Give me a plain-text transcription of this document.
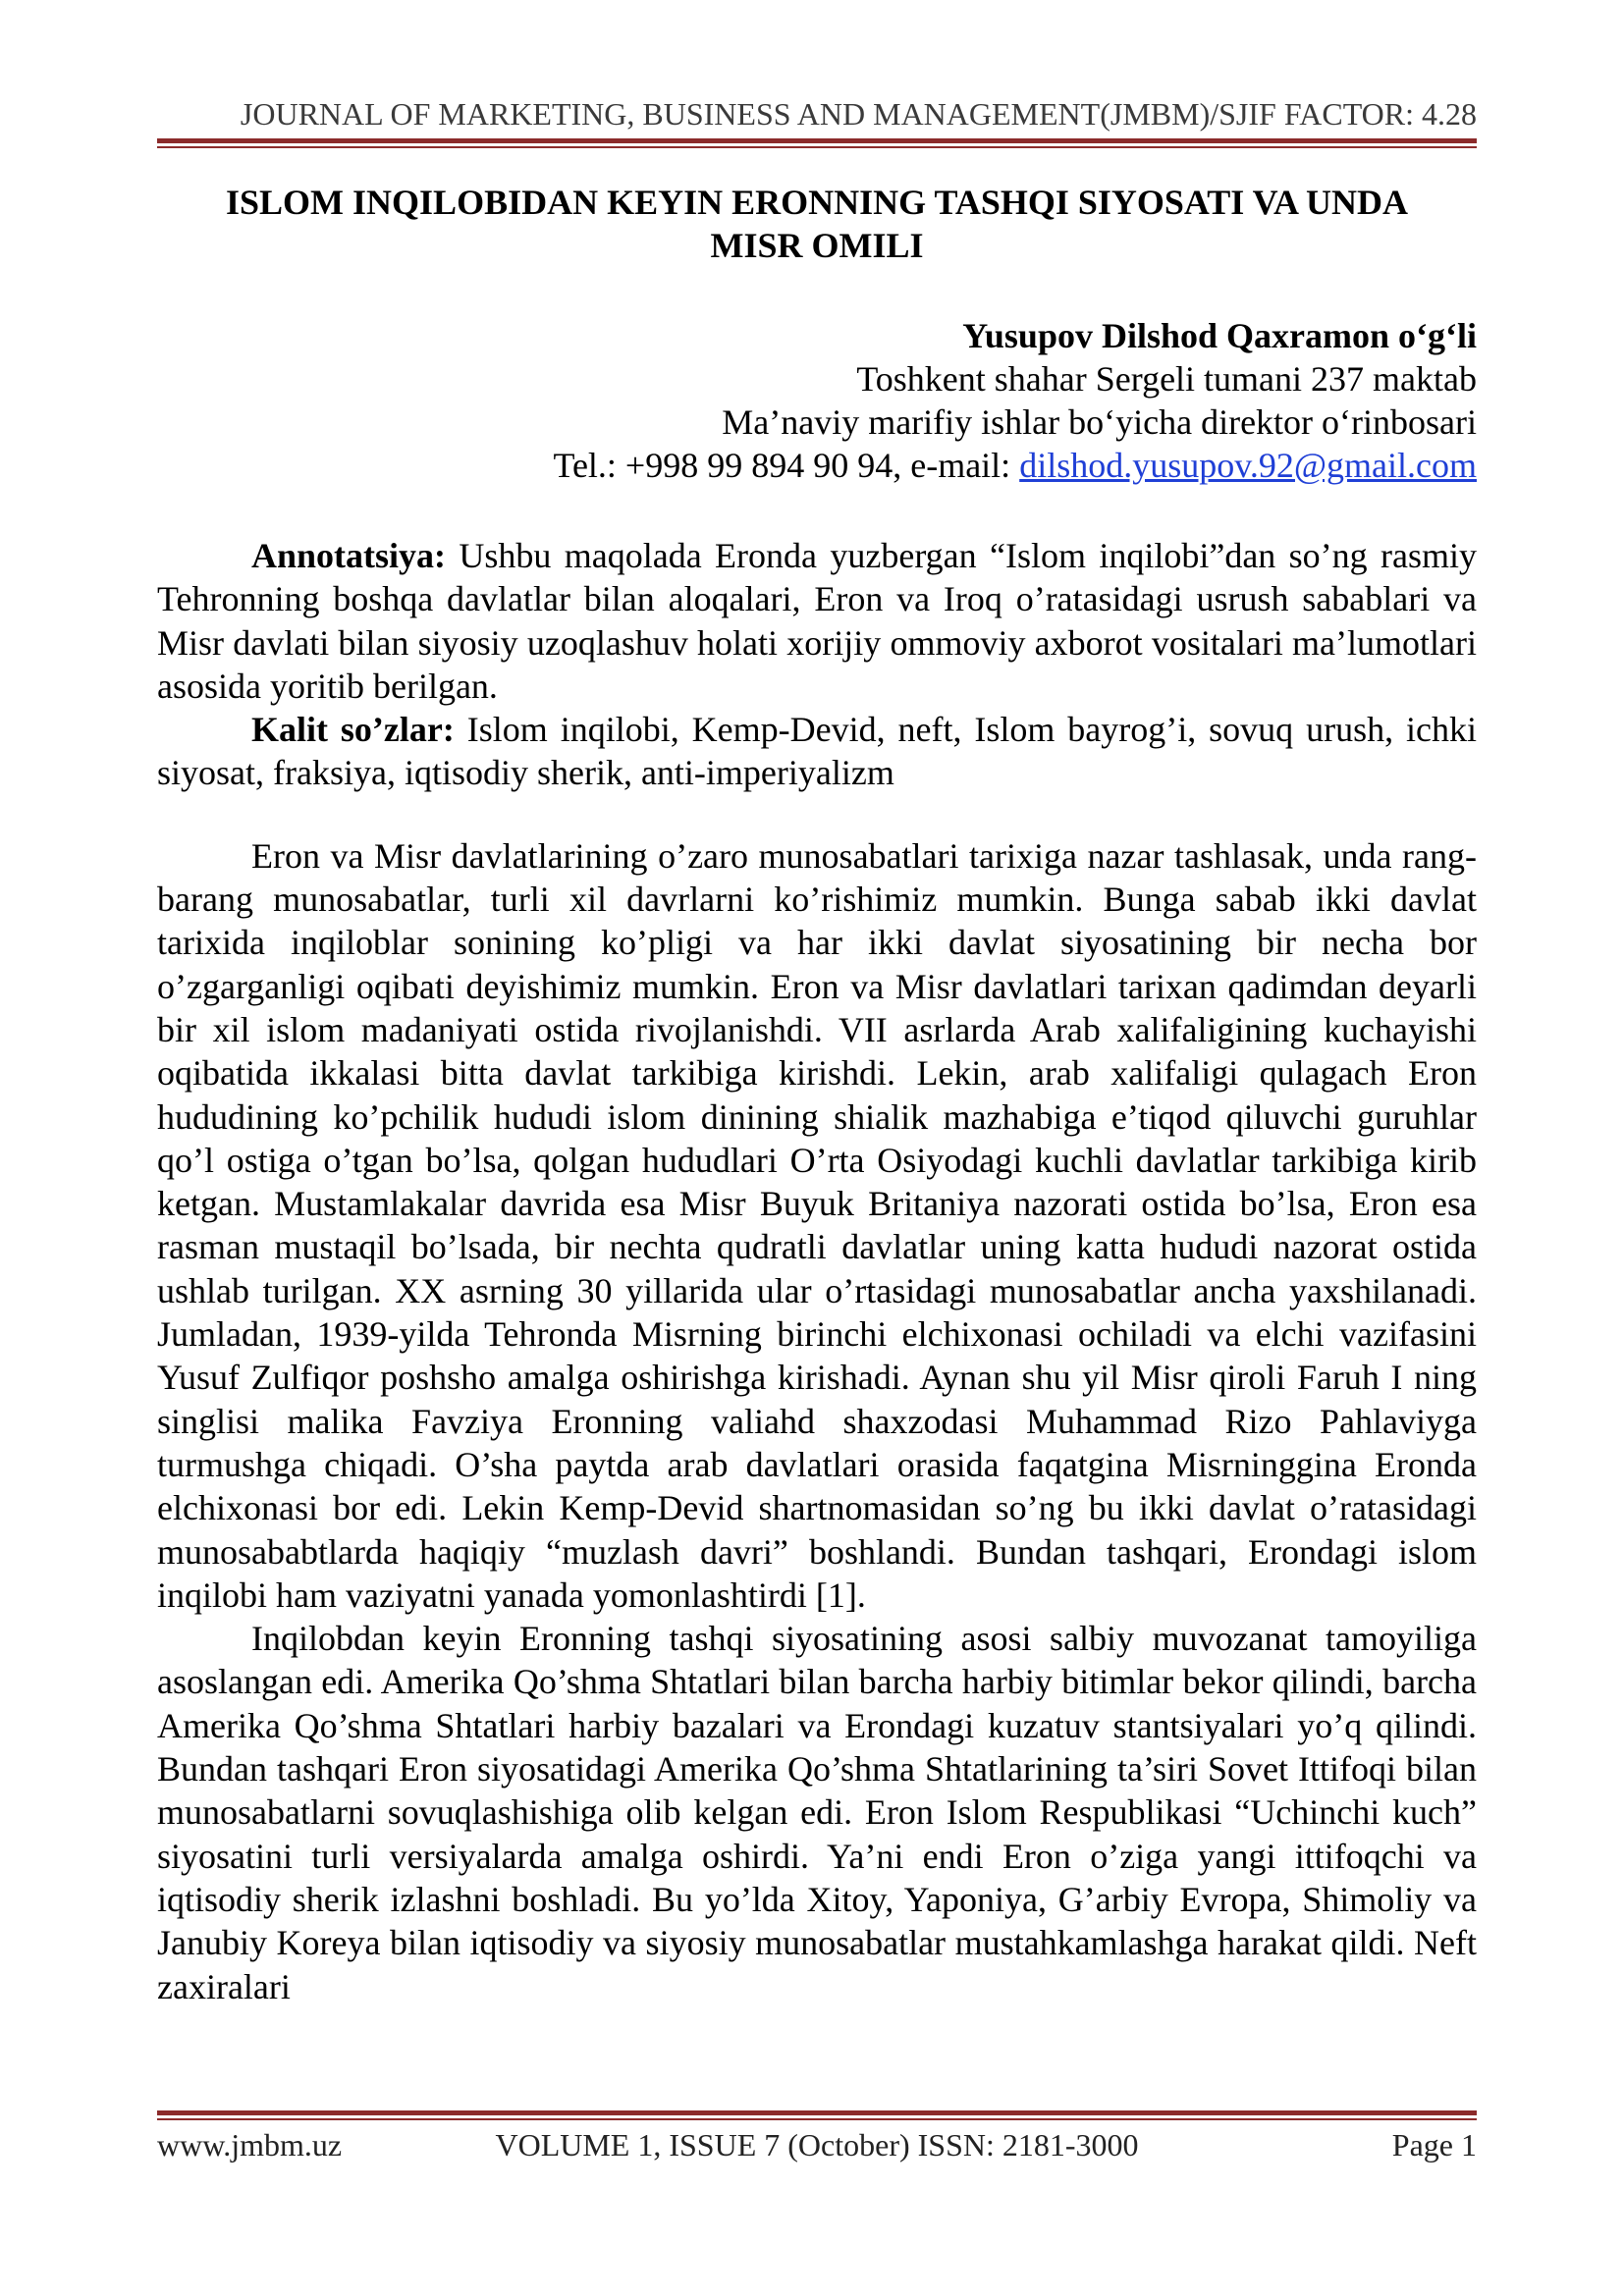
JOURNAL OF MARKETING, BUSINESS AND MANAGEMENT(JMBM)/SJIF FACTOR: 4.28
ISLOM INQILOBIDAN KEYIN ERONNING TASHQI SIYOSATI VA UNDA
MISR OMILI
Yusupov Dilshod Qaxramon o‘g‘li
Toshkent shahar Sergeli tumani 237 maktab
Ma’naviy marifiy ishlar bo‘yicha direktor o‘rinbosari
Tel.: +998 99 894 90 94, e-mail: dilshod.yusupov.92@gmail.com

Annotatsiya: Ushbu maqolada Eronda yuzbergan “Islom inqilobi”dan so’ng rasmiy Tehronning boshqa davlatlar bilan aloqalari, Eron va Iroq o’ratasidagi usrush sabablari va Misr davlati bilan siyosiy uzoqlashuv holati xorijiy ommoviy axborot vositalari ma’lumotlari asosida yoritib berilgan.

Kalit so’zlar: Islom inqilobi, Kemp-Devid, neft, Islom bayrog’i, sovuq urush, ichki siyosat, fraksiya, iqtisodiy sherik, anti-imperiyalizm

Eron va Misr davlatlarining o’zaro munosabatlari tarixiga nazar tashlasak, unda rang-barang munosabatlar, turli xil davrlarni ko’rishimiz mumkin. Bunga sabab ikki davlat tarixida inqiloblar sonining ko’pligi va har ikki davlat siyosatining bir necha bor o’zgarganligi oqibati deyishimiz mumkin. Eron va Misr davlatlari tarixan qadimdan deyarli bir xil islom madaniyati ostida rivojlanishdi. VII asrlarda Arab xalifaligining kuchayishi oqibatida ikkalasi bitta davlat tarkibiga kirishdi. Lekin, arab xalifaligi qulagach Eron hududining ko’pchilik hududi islom dinining shialik mazhabiga e’tiqod qiluvchi guruhlar qo’l ostiga o’tgan bo’lsa, qolgan hududlari O’rta Osiyodagi kuchli davlatlar tarkibiga kirib ketgan. Mustamlakalar davrida esa Misr Buyuk Britaniya nazorati ostida bo’lsa, Eron esa rasman mustaqil bo’lsada, bir nechta qudratli davlatlar uning katta hududi nazorat ostida ushlab turilgan. XX asrning 30 yillarida ular o’rtasidagi munosabatlar ancha yaxshilanadi. Jumladan, 1939-yilda Tehronda Misrning birinchi elchixonasi ochiladi va elchi vazifasini Yusuf Zulfiqor poshsho amalga oshirishga kirishadi. Aynan shu yil Misr qiroli Faruh I ning singlisi malika Favziya Eronning valiahd shaxzodasi Muhammad Rizo Pahlaviyga turmushga chiqadi. O’sha paytda arab davlatlari orasida faqatgina Misrninggina Eronda elchixonasi bor edi. Lekin Kemp-Devid shartnomasidan so’ng bu ikki davlat o’ratasidagi munosababtlarda haqiqiy “muzlash davri” boshlandi. Bundan tashqari, Erondagi islom inqilobi ham vaziyatni yanada yomonlashtirdi [1].

Inqilobdan keyin Eronning tashqi siyosatining asosi salbiy muvozanat tamoyiliga asoslangan edi. Amerika Qo’shma Shtatlari bilan barcha harbiy bitimlar bekor qilindi, barcha Amerika Qo’shma Shtatlari harbiy bazalari va Erondagi kuzatuv stantsiyalari yo’q qilindi. Bundan tashqari Eron siyosatidagi Amerika Qo’shma Shtatlarining ta’siri Sovet Ittifoqi bilan munosabatlarni sovuqlashishiga olib kelgan edi. Eron Islom Respublikasi “Uchinchi kuch” siyosatini turli versiyalarda amalga oshirdi. Ya’ni endi Eron o’ziga yangi ittifoqchi va iqtisodiy sherik izlashni boshladi. Bu yo’lda Xitoy, Yaponiya, G’arbiy Evropa, Shimoliy va Janubiy Koreya bilan iqtisodiy va siyosiy munosabatlar mustahkamlashga harakat qildi. Neft zaxiralari

www.jmbm.uz	VOLUME 1, ISSUE 7 (October) ISSN: 2181-3000	Page 1
